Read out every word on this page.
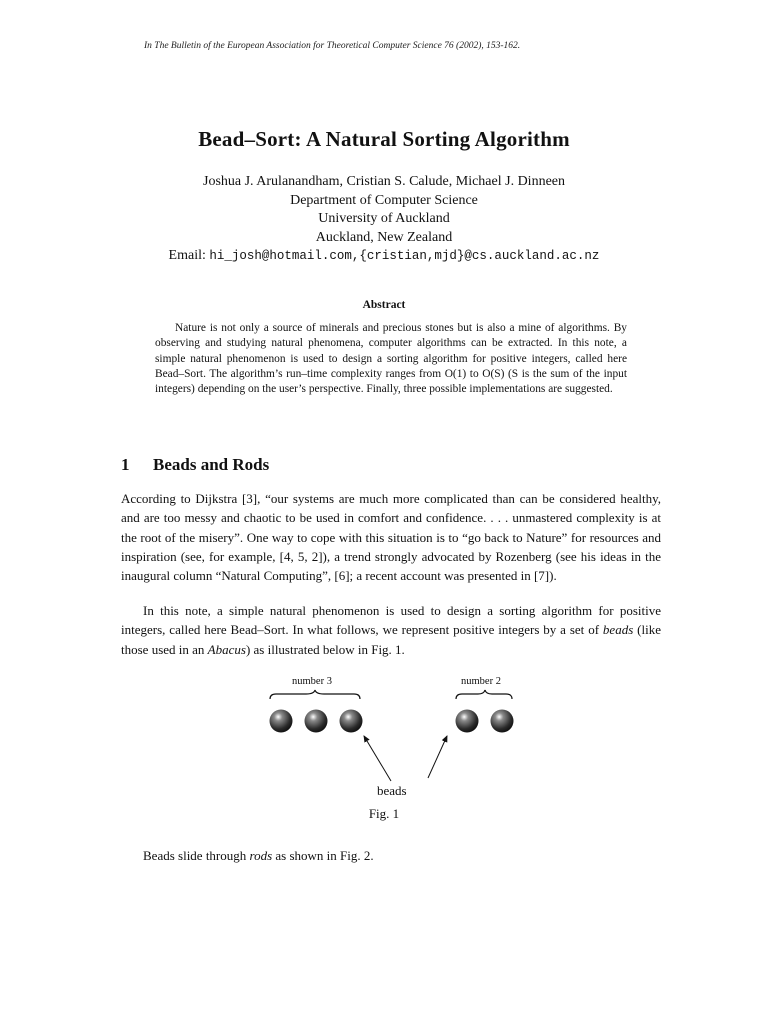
In The Bulletin of the European Association for Theoretical Computer Science 76 (2002), 153-162.
Bead–Sort: A Natural Sorting Algorithm
Joshua J. Arulanandham, Cristian S. Calude, Michael J. Dinneen
Department of Computer Science
University of Auckland
Auckland, New Zealand
Email: hi_josh@hotmail.com,{cristian,mjd}@cs.auckland.ac.nz
Abstract
Nature is not only a source of minerals and precious stones but is also a mine of algorithms. By observing and studying natural phenomena, computer algorithms can be extracted. In this note, a simple natural phenomenon is used to design a sorting algorithm for positive integers, called here Bead–Sort. The algorithm’s run–time complexity ranges from O(1) to O(S) (S is the sum of the input integers) depending on the user’s perspective. Finally, three possible implementations are suggested.
1 Beads and Rods
According to Dijkstra [3], “our systems are much more complicated than can be considered healthy, and are too messy and chaotic to be used in comfort and confidence. . . . unmastered complexity is at the root of the misery”. One way to cope with this situation is to “go back to Nature” for resources and inspiration (see, for example, [4, 5, 2]), a trend strongly advocated by Rozenberg (see his ideas in the inaugural column “Natural Computing”, [6]; a recent account was presented in [7]).
In this note, a simple natural phenomenon is used to design a sorting algorithm for positive integers, called here Bead–Sort. In what follows, we represent positive integers by a set of beads (like those used in an Abacus) as illustrated below in Fig. 1.
number 3	number 2
beads
Fig. 1
Beads slide through rods as shown in Fig. 2.
